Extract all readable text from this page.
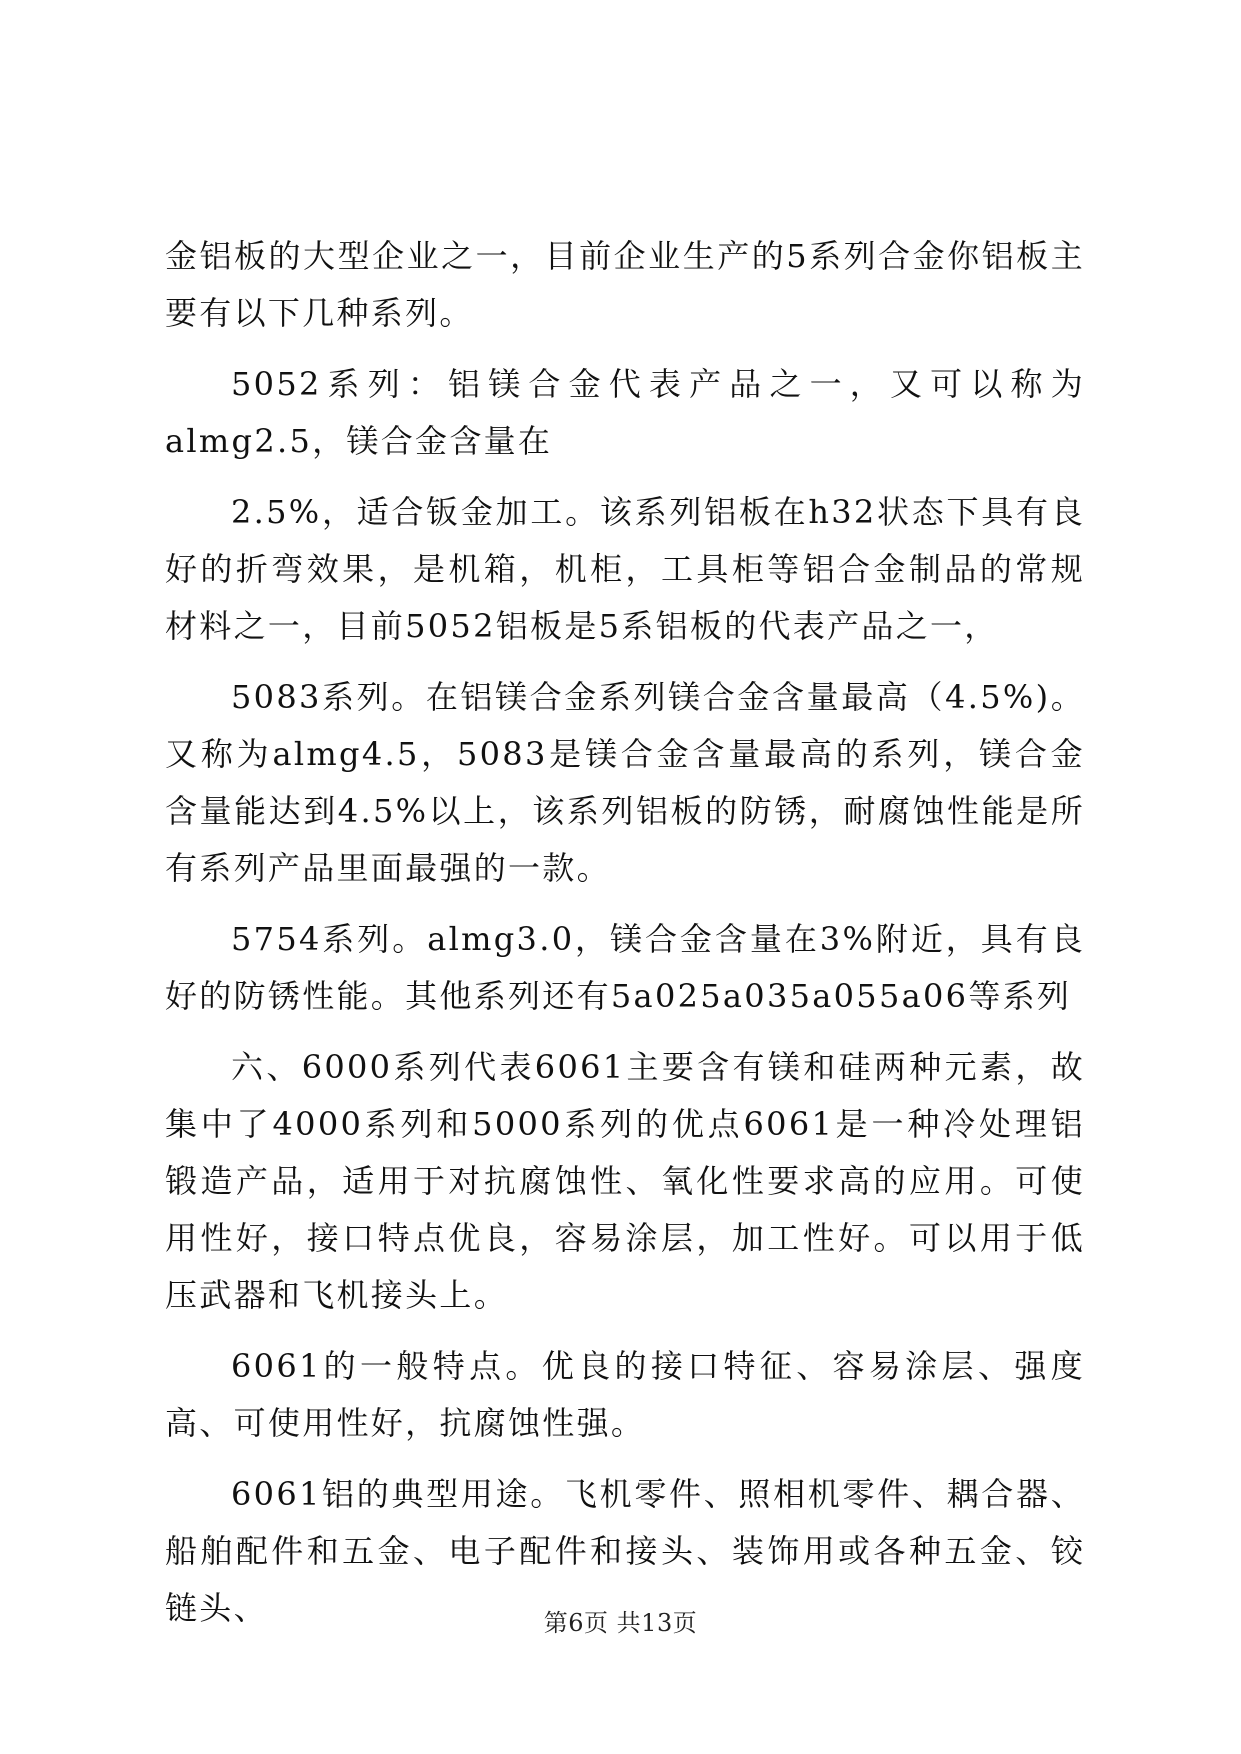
金铝板的大型企业之一，目前企业生产的5系列合金你铝板主要有以下几种系列。

5052系列：铝镁合金代表产品之一，又可以称为almg2.5，镁合金含量在

2.5%，适合钣金加工。该系列铝板在h32状态下具有良好的折弯效果，是机箱，机柜，工具柜等铝合金制品的常规材料之一，目前5052铝板是5系铝板的代表产品之一，

5083系列。在铝镁合金系列镁合金含量最高（4.5%)。又称为almg4.5，5083是镁合金含量最高的系列，镁合金含量能达到4.5%以上，该系列铝板的防锈，耐腐蚀性能是所有系列产品里面最强的一款。

5754系列。almg3.0，镁合金含量在3%附近，具有良好的防锈性能。其他系列还有5a025a035a055a06等系列

六、6000系列代表6061主要含有镁和硅两种元素，故集中了4000系列和5000系列的优点6061是一种冷处理铝锻造产品，适用于对抗腐蚀性、氧化性要求高的应用。可使用性好，接口特点优良，容易涂层，加工性好。可以用于低压武器和飞机接头上。

6061的一般特点。优良的接口特征、容易涂层、强度高、可使用性好，抗腐蚀性强。

6061铝的典型用途。飞机零件、照相机零件、耦合器、船舶配件和五金、电子配件和接头、装饰用或各种五金、铰链头、	第6页 共13页
